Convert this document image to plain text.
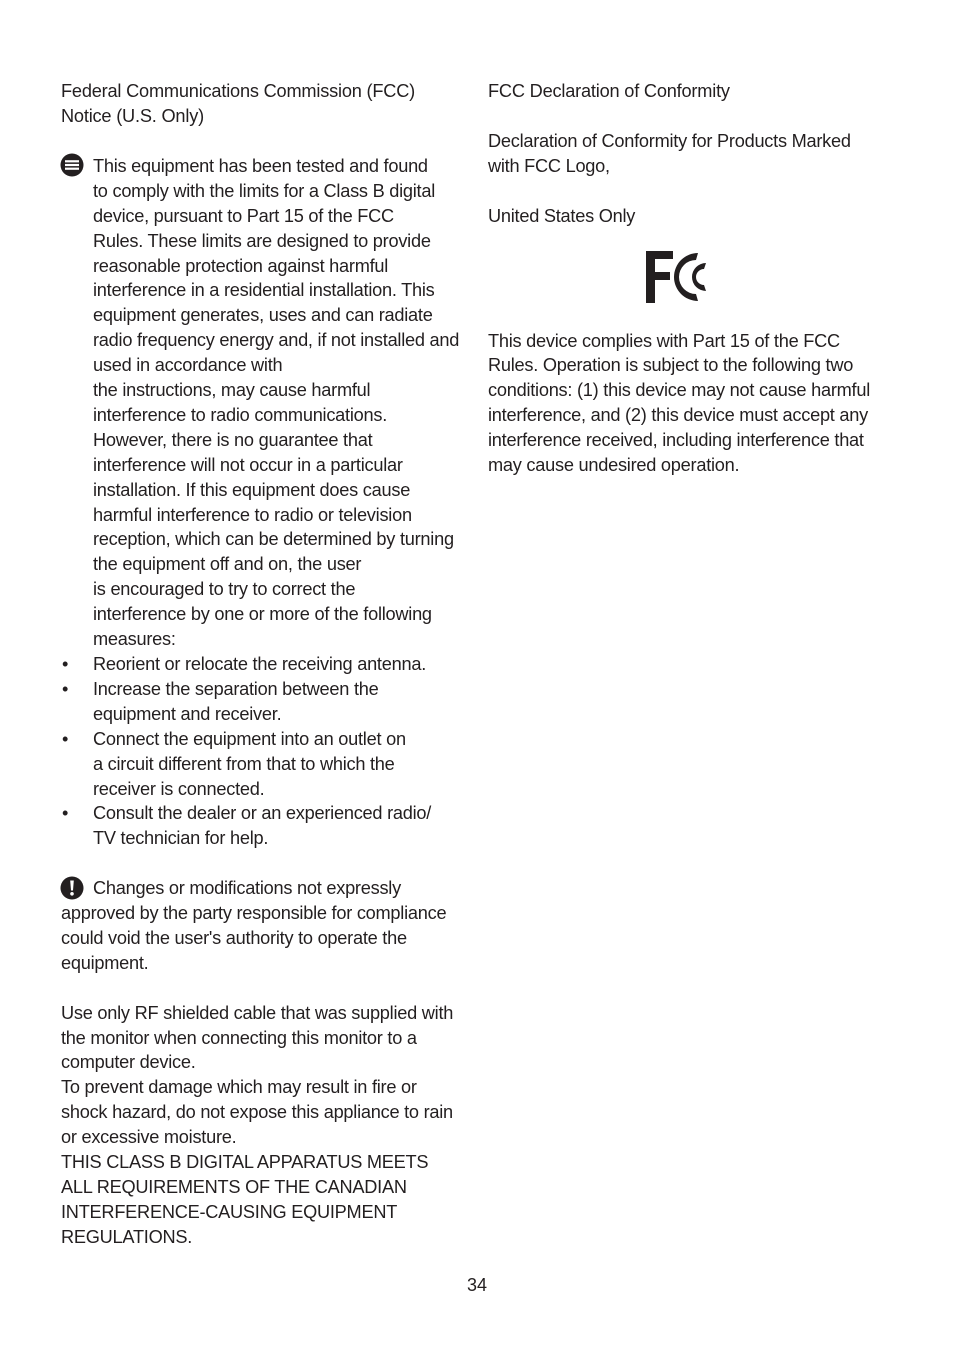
Federal Communications Commission (FCC)
Notice (U.S. Only)
This equipment has been tested and found
to comply with the limits for a Class B digital
device, pursuant to Part 15 of the FCC
Rules. These limits are designed to provide
reasonable protection against harmful
interference in a residential installation. This
equipment generates, uses and can radiate
radio frequency energy and, if not installed and
used in accordance with
the instructions, may cause harmful
interference to radio communications.
However, there is no guarantee that
interference will not occur in a particular
installation. If this equipment does cause
harmful interference to radio or television
reception, which can be determined by turning
the equipment off and on, the user
is encouraged to try to correct the
interference by one or more of the following
measures:
• Reorient or relocate the receiving antenna.
• Increase the separation between the
equipment and receiver.
• Connect the equipment into an outlet on
a circuit different from that to which the
receiver is connected.
• Consult the dealer or an experienced radio/
TV technician for help.
Changes or modifications not expressly
approved by the party responsible for compliance
could void the user's authority to operate the
equipment.
Use only RF shielded cable that was supplied with
the monitor when connecting this monitor to a
computer device.
To prevent damage which may result in fire or
shock hazard, do not expose this appliance to rain
or excessive moisture.
THIS CLASS B DIGITAL APPARATUS MEETS
ALL REQUIREMENTS OF THE CANADIAN
INTERFERENCE-CAUSING EQUIPMENT
REGULATIONS.
FCC Declaration of Conformity
Declaration of Conformity for Products Marked
with FCC Logo,
United States Only
FC
This device complies with Part 15 of the FCC
Rules. Operation is subject to the following two
conditions: (1) this device may not cause harmful
interference, and (2) this device must accept any
interference received, including interference that
may cause undesired operation.
34
